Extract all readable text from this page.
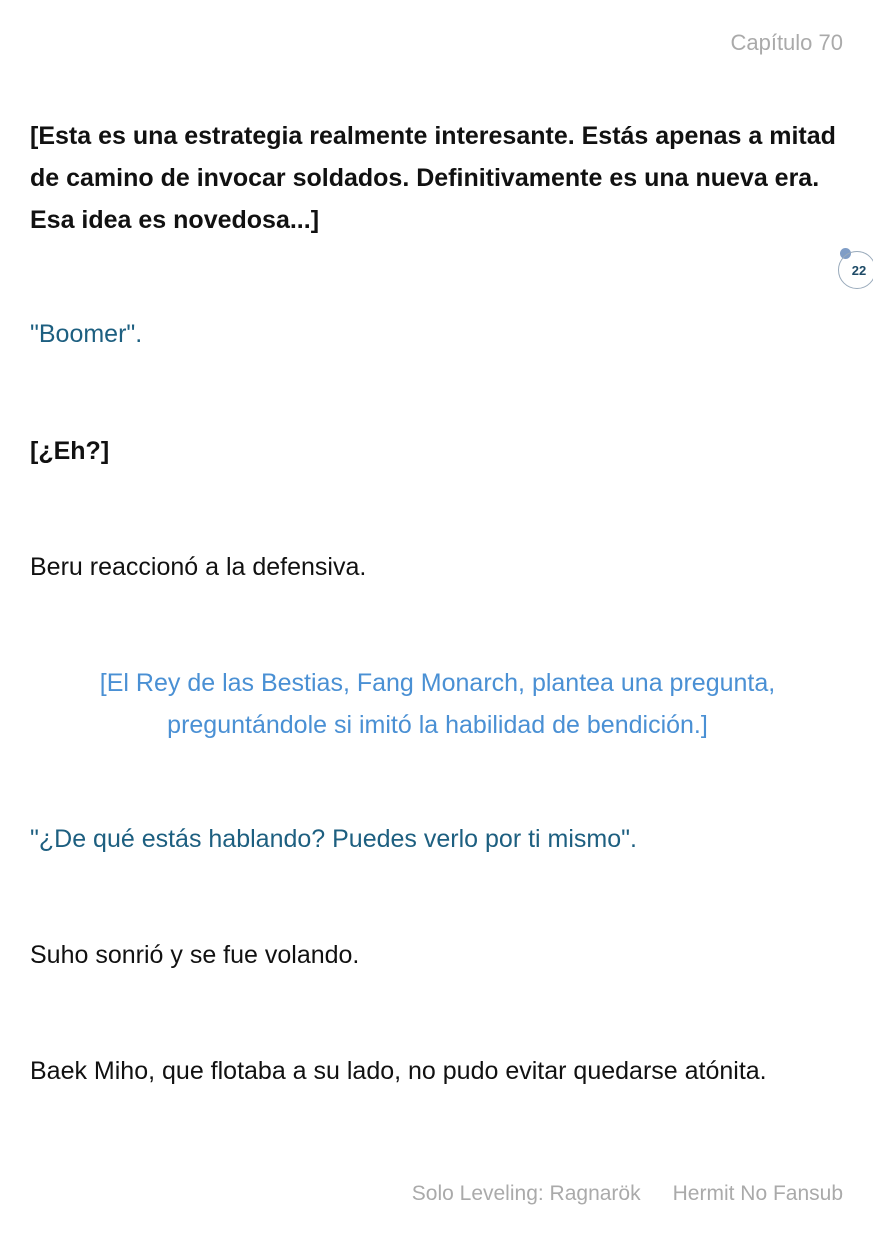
Capítulo 70

[Esta es una estrategia realmente interesante. Estás apenas a mitad de camino de invocar soldados. Definitivamente es una nueva era. Esa idea es novedosa...]

22

"Boomer".

[¿Eh?]

Beru reaccionó a la defensiva.

[El Rey de las Bestias, Fang Monarch, plantea una pregunta, preguntándole si imitó la habilidad de bendición.]

"¿De qué estás hablando? Puedes verlo por ti mismo".

Suho sonrió y se fue volando.

Baek Miho, que flotaba a su lado, no pudo evitar quedarse atónita.

Solo Leveling: Ragnarök Hermit No Fansub
